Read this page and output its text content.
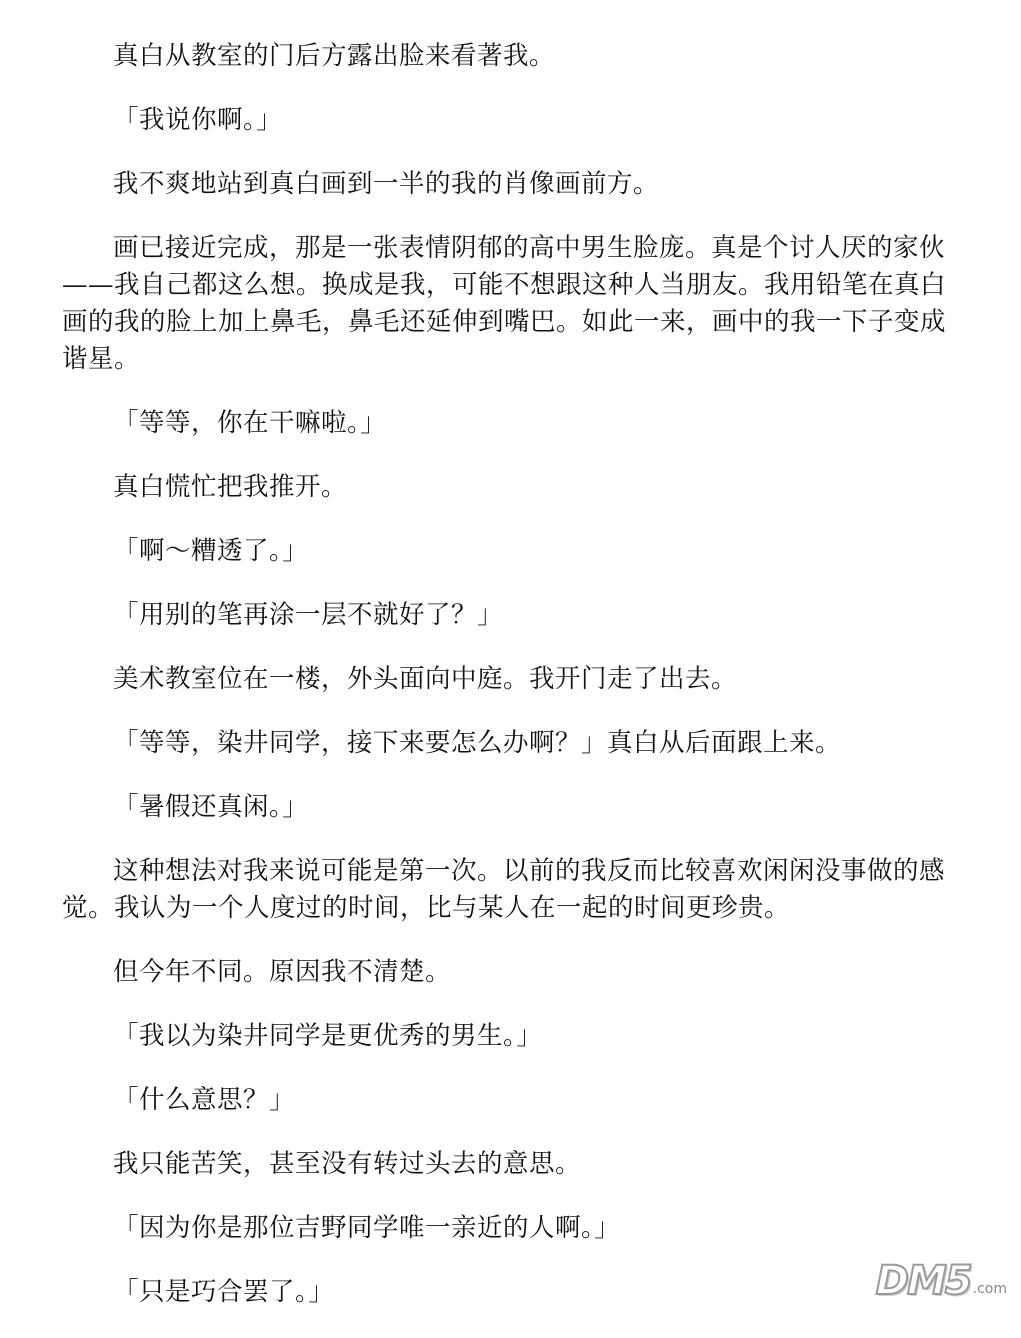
真白从教室的门后方露出脸来看著我。

「我说你啊。」

我不爽地站到真白画到一半的我的肖像画前方。

画已接近完成，那是一张表情阴郁的高中男生脸庞。真是个讨人厌的家伙——我自己都这么想。换成是我，可能不想跟这种人当朋友。我用铅笔在真白画的我的脸上加上鼻毛，鼻毛还延伸到嘴巴。如此一来，画中的我一下子变成谐星。

「等等，你在干嘛啦。」

真白慌忙把我推开。

「啊～糟透了。」

「用别的笔再涂一层不就好了？」

美术教室位在一楼，外头面向中庭。我开门走了出去。

「等等，染井同学，接下来要怎么办啊？」真白从后面跟上来。

「暑假还真闲。」

这种想法对我来说可能是第一次。以前的我反而比较喜欢闲闲没事做的感觉。我认为一个人度过的时间，比与某人在一起的时间更珍贵。

但今年不同。原因我不清楚。

「我以为染井同学是更优秀的男生。」

「什么意思？」

我只能苦笑，甚至没有转过头去的意思。

「因为你是那位吉野同学唯一亲近的人啊。」

「只是巧合罢了。」	DM5 .com
